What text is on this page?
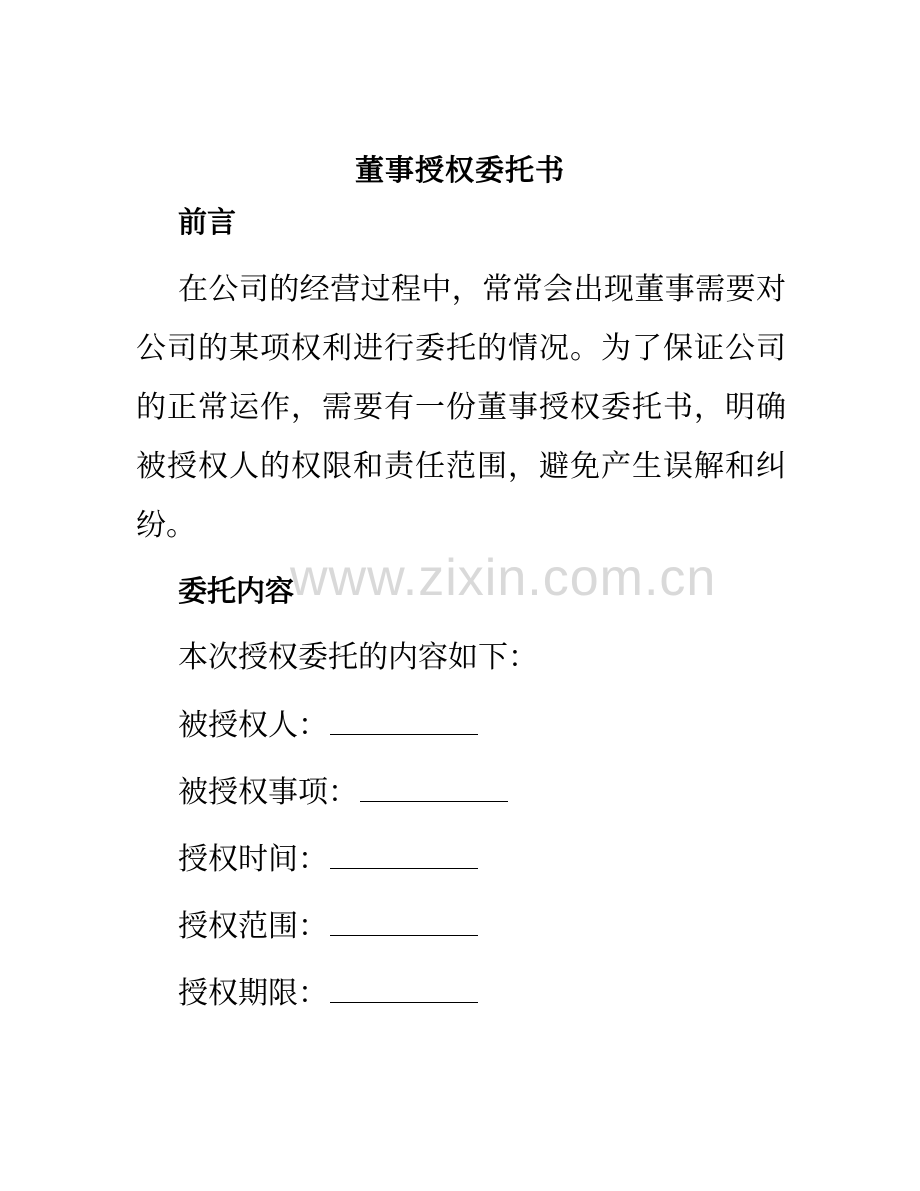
董事授权委托书
前言
在公司的经营过程中，常常会出现董事需要对公司的某项权利进行委托的情况。为了保证公司的正常运作，需要有一份董事授权委托书，明确被授权人的权限和责任范围，避免产生误解和纠纷。
www.zixin.com.cn
委托内容
本次授权委托的内容如下：
被授权人：
被授权事项：
授权时间：
授权范围：
授权期限：
